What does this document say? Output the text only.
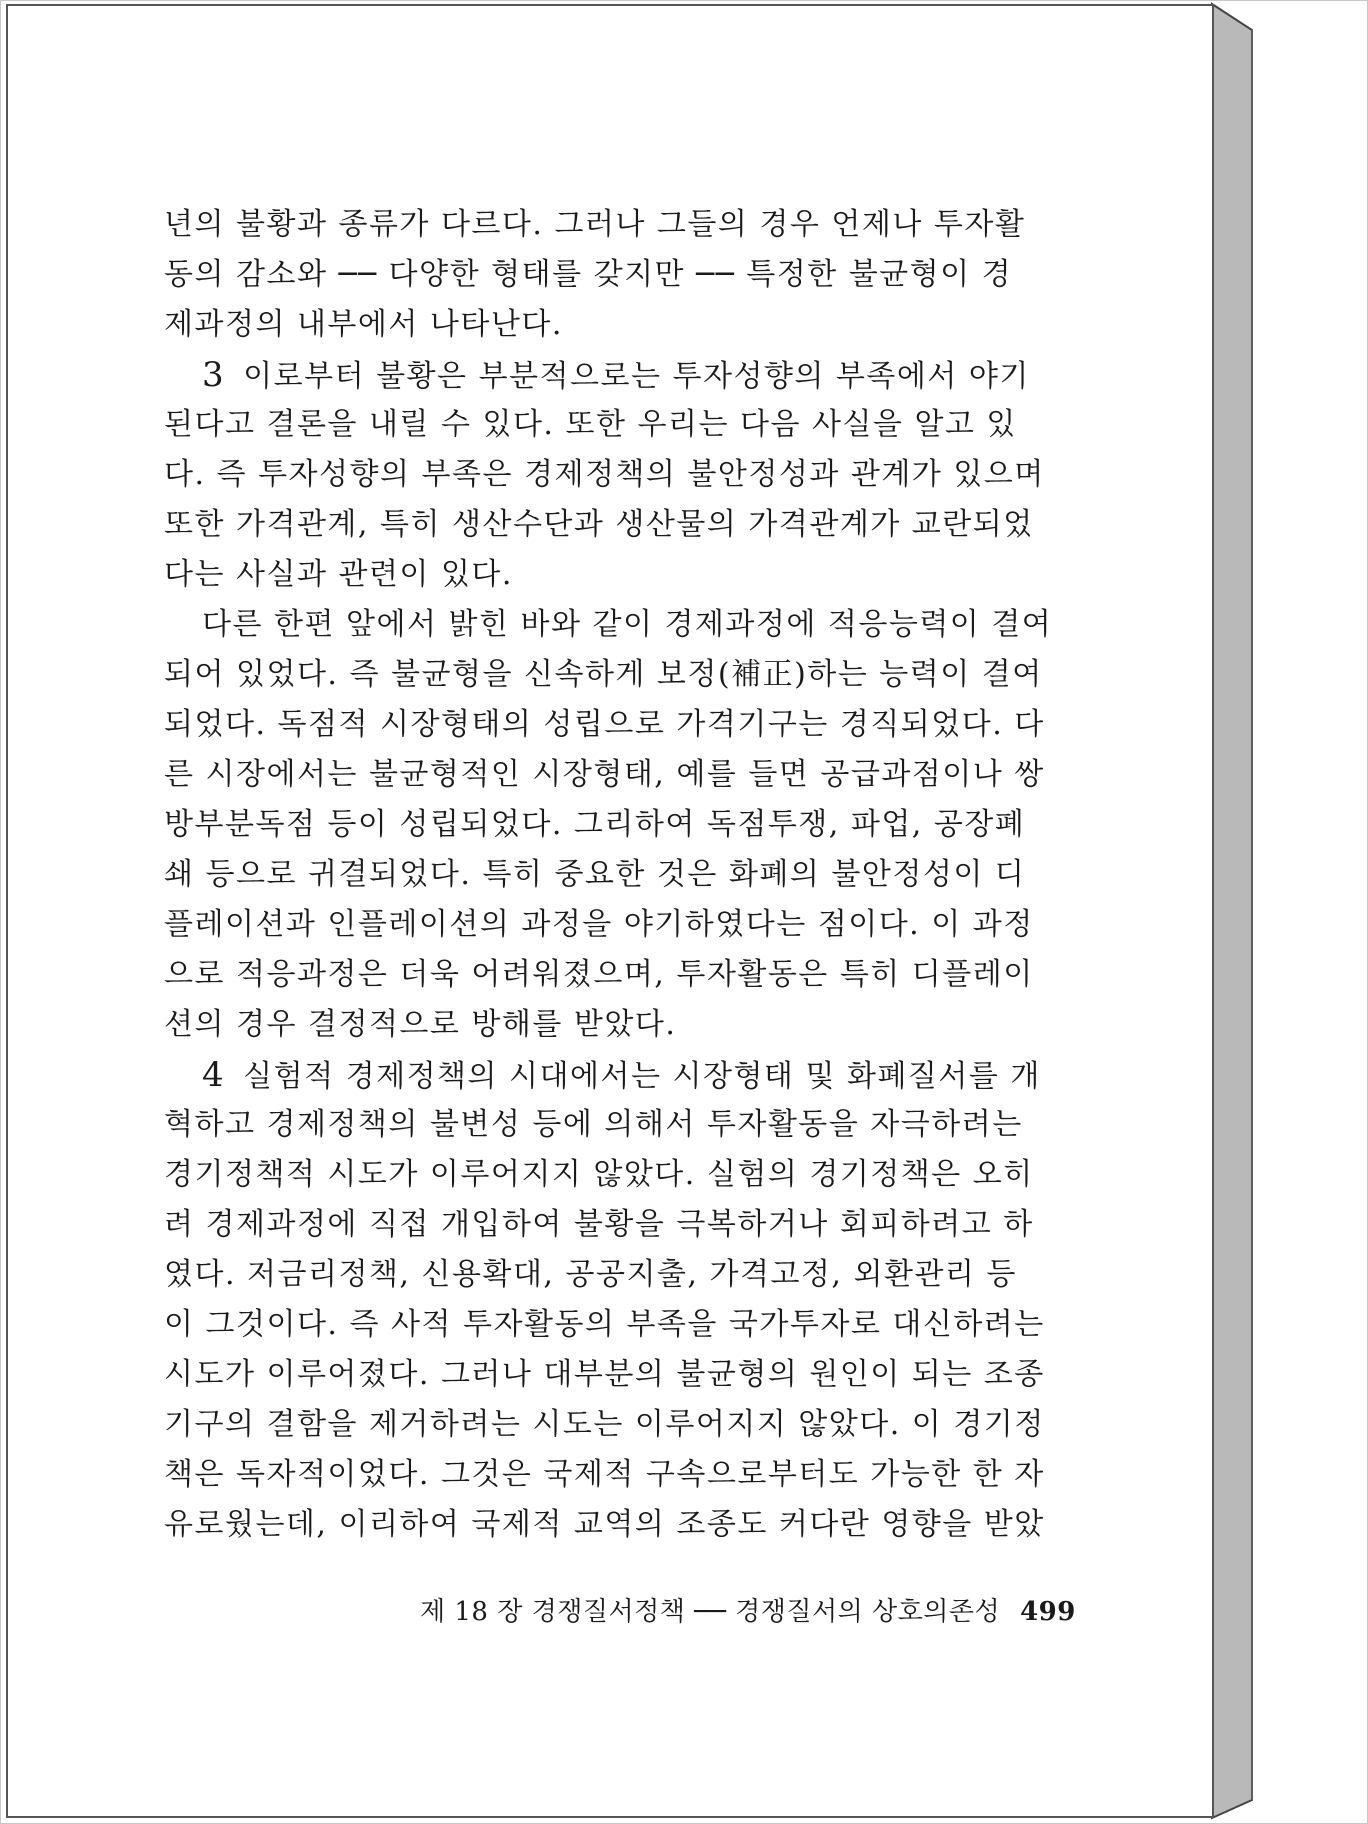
년의 불황과 종류가 다르다. 그러나 그들의 경우 언제나 투자활
동의 감소와 ── 다양한 형태를 갖지만 ── 특정한 불균형이 경
제과정의 내부에서 나타난다.
3 이로부터 불황은 부분적으로는 투자성향의 부족에서 야기
된다고 결론을 내릴 수 있다. 또한 우리는 다음 사실을 알고 있
다. 즉 투자성향의 부족은 경제정책의 불안정성과 관계가 있으며
또한 가격관계, 특히 생산수단과 생산물의 가격관계가 교란되었
다는 사실과 관련이 있다.
다른 한편 앞에서 밝힌 바와 같이 경제과정에 적응능력이 결여
되어 있었다. 즉 불균형을 신속하게 보정(補正)하는 능력이 결여
되었다. 독점적 시장형태의 성립으로 가격기구는 경직되었다. 다
른 시장에서는 불균형적인 시장형태, 예를 들면 공급과점이나 쌍
방부분독점 등이 성립되었다. 그리하여 독점투쟁, 파업, 공장폐
쇄 등으로 귀결되었다. 특히 중요한 것은 화폐의 불안정성이 디
플레이션과 인플레이션의 과정을 야기하였다는 점이다. 이 과정
으로 적응과정은 더욱 어려워졌으며, 투자활동은 특히 디플레이
션의 경우 결정적으로 방해를 받았다.
4 실험적 경제정책의 시대에서는 시장형태 및 화폐질서를 개
혁하고 경제정책의 불변성 등에 의해서 투자활동을 자극하려는
경기정책적 시도가 이루어지지 않았다. 실험의 경기정책은 오히
려 경제과정에 직접 개입하여 불황을 극복하거나 회피하려고 하
였다. 저금리정책, 신용확대, 공공지출, 가격고정, 외환관리 등
이 그것이다. 즉 사적 투자활동의 부족을 국가투자로 대신하려는
시도가 이루어졌다. 그러나 대부분의 불균형의 원인이 되는 조종
기구의 결함을 제거하려는 시도는 이루어지지 않았다. 이 경기정
책은 독자적이었다. 그것은 국제적 구속으로부터도 가능한 한 자
유로웠는데, 이리하여 국제적 교역의 조종도 커다란 영향을 받았
제 18 장 경쟁질서정책 ── 경쟁질서의 상호의존성 499
